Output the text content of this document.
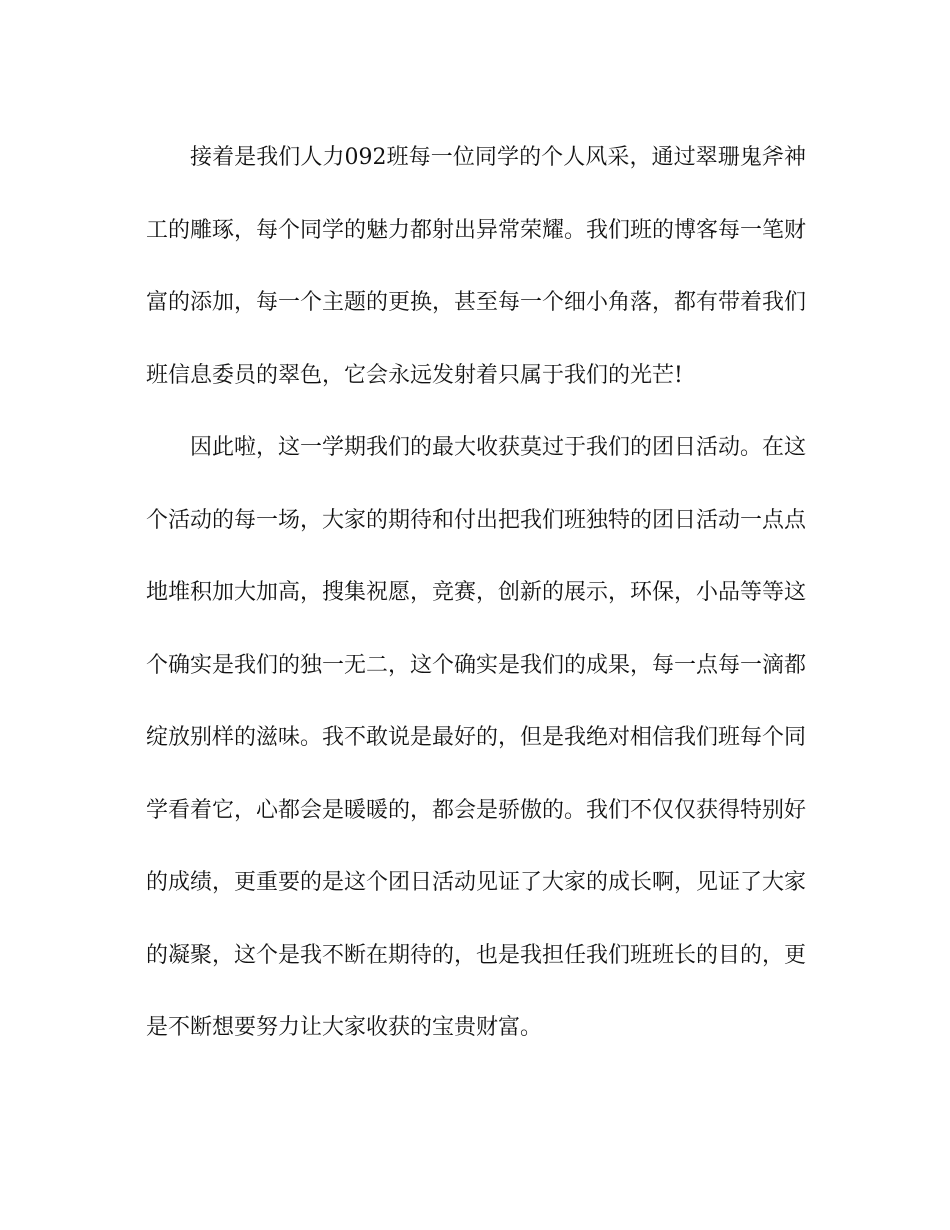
接着是我们人力092班每一位同学的个人风采，通过翠珊鬼斧神
工的雕琢，每个同学的魅力都射出异常荣耀。我们班的博客每一笔财
富的添加，每一个主题的更换，甚至每一个细小角落，都有带着我们
班信息委员的翠色，它会永远发射着只属于我们的光芒!
因此啦，这一学期我们的最大收获莫过于我们的团日活动。在这
个活动的每一场，大家的期待和付出把我们班独特的团日活动一点点
地堆积加大加高，搜集祝愿，竞赛，创新的展示，环保，小品等等这
个确实是我们的独一无二，这个确实是我们的成果，每一点每一滴都
绽放别样的滋味。我不敢说是最好的，但是我绝对相信我们班每个同
学看着它，心都会是暖暖的，都会是骄傲的。我们不仅仅获得特别好
的成绩，更重要的是这个团日活动见证了大家的成长啊，见证了大家
的凝聚，这个是我不断在期待的，也是我担任我们班班长的目的，更
是不断想要努力让大家收获的宝贵财富。
